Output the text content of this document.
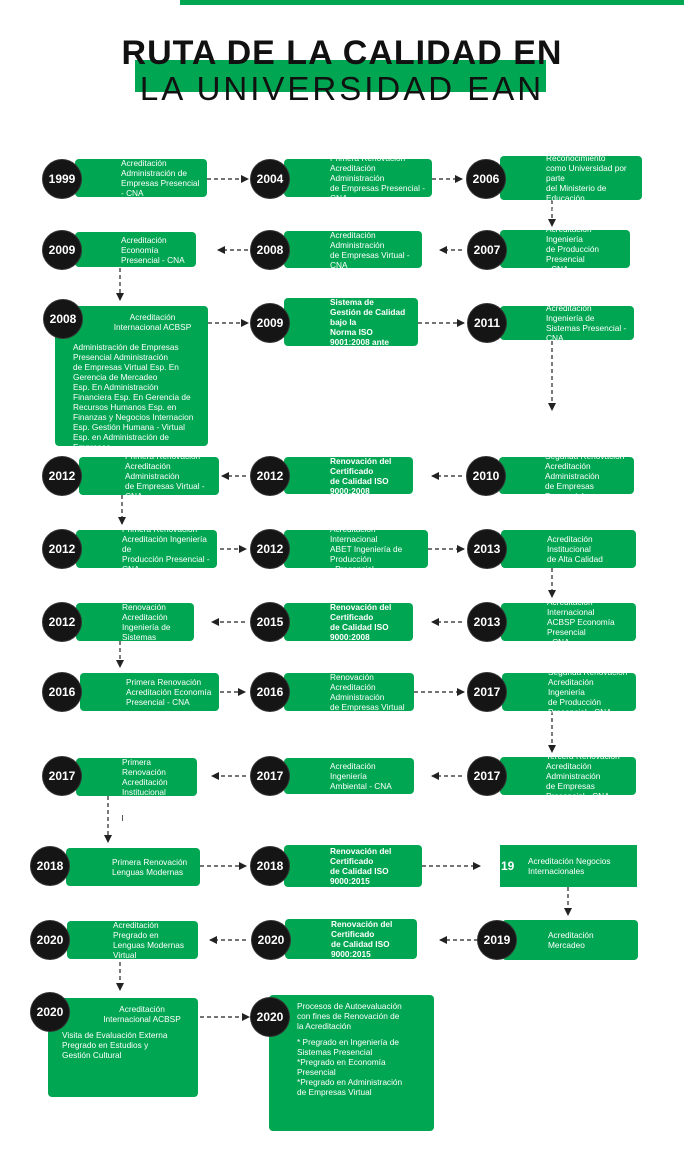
RUTA DE LA CALIDAD EN
LA UNIVERSIDAD EAN
Acreditación
Administración de
Empresas Presencial - CNA
1999
Primera Renovación
Acreditación Administración
de Empresas Presencial - CNA
2004
Se obtiene el Reconocimiento
como Universidad por parte
del Ministerio de Educación
Nacional
2006
Acreditación Economía
Presencial - CNA
2009
Acreditación Administración
de Empresas Virtual - CNA
2008
Acreditación Ingeniería
de Producción Presencial
- CNA
2007
Acreditación
Internacional ACBSP
Administración de Empresas
Presencial Administración
de Empresas Virtual Esp. En
Gerencia de Mercadeo
Esp. En Administración
Financiera Esp. En Gerencia de
Recursos Humanos Esp. en
Finanzas y Negocios Internacion
Esp. Gestión Humana - Virtual
Esp. en Administración de
Empresas
2008
Certificación del Sistema de
Gestión de Calidad bajo la
Norma ISO 9001:2008 ante
la firma SGS
2009
Acreditación Ingeniería de
Sistemas Presencial - CNA
2011
Primera Renovación
Acreditación Administración
de Empresas Virtual - CNA
2012
Renovación del Certificado
de Calidad ISO 9000:2008
2012
Segunda Renovación
Acreditación Administración
de Empresas Presencial
2010
Primera Renovación
Acreditación Ingeniería de
Producción Presencial - CNA
2012
Acreditación Internacional
ABET Ingeniería de Producción
- Presencial
2012
Acreditación Institucional
de Alta Calidad
2013
Primera Renovación
Acreditación Ingeniería de
Sistemas Presencial - CNA
2012
Renovación del Certificado
de Calidad ISO 9000:2008
2015
Acreditación Internacional
ACBSP Economía Presencial
- CNA
2013
Primera Renovación
Acreditación Economía
Presencial - CNA
2016
Segunda Renovación
Acreditación Administración
de Empresas Virtual - CNA
2016
Segunda Renovación
Acreditación Ingeniería
de Producción Presencial - CNA
2017
Primera Renovación
Acreditación Institucional
2017
Acreditación Ingeniería
Ambiental - CNA
2017
Tercera Renovación
Acreditación Administración
de Empresas Presencial - CNA
2017
Primera Renovación
Lenguas Modernas
2018
Renovación del Certificado
de Calidad ISO 9000:2015
2018	Acreditación Negocios
Internacionales
19
Acreditación Pregrado en
Lenguas Modernas Virtual
2020
Renovación del Certificado
de Calidad ISO 9000:2015
2020	Acreditación Mercadeo
2019
Acreditación
Internacional ACBSP
Visita de Evaluación Externa
Pregrado en Estudios y
Gestión Cultural
2020	Procesos de Autoevaluación
con fines de Renovación de
la Acreditación
* Pregrado en Ingeniería de
Sistemas Presencial
*Pregrado en Economía
Presencial
*Pregrado en Administración
de Empresas Virtual
2020
